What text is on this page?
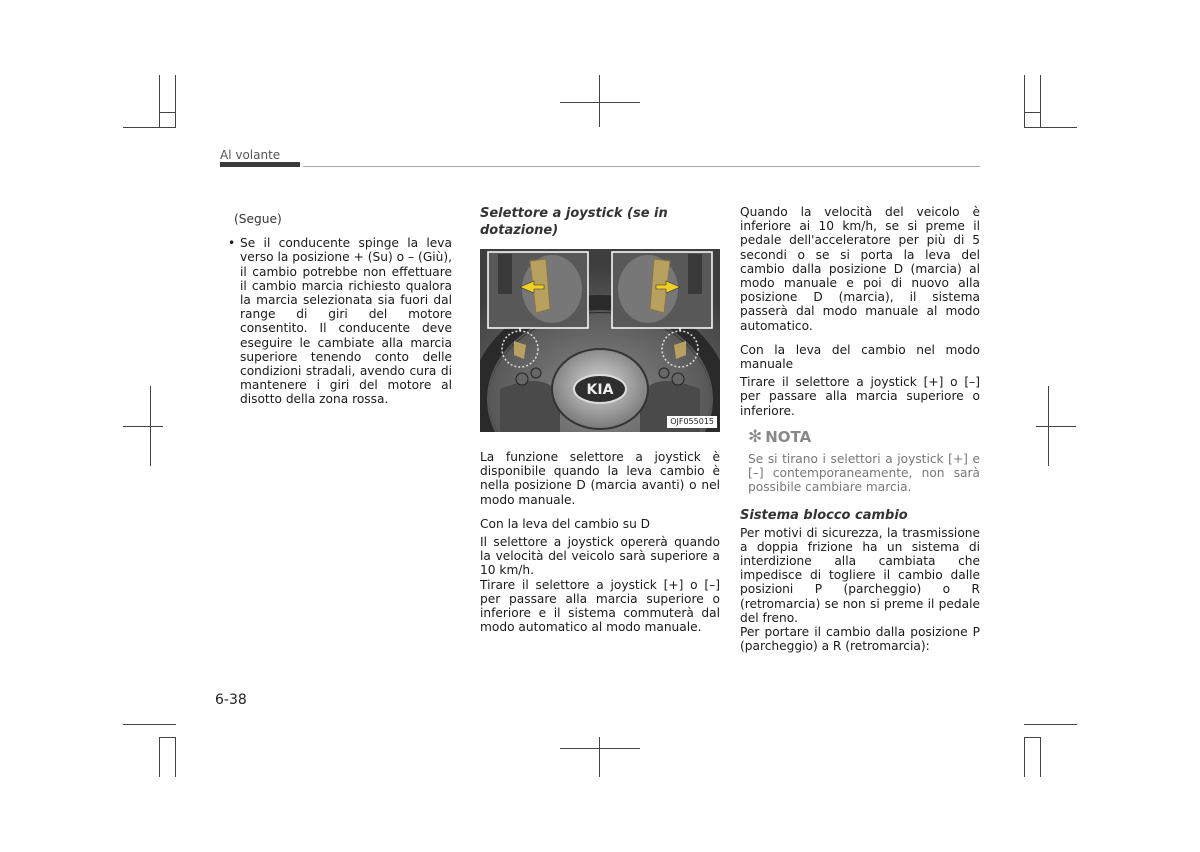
Al volante

(Segue)

• Se il conducente spinge la leva verso la posizione + (Su) o – (Giù), il cambio potrebbe non effettuare il cambio marcia richiesto qualora la marcia selezionata sia fuori dal range di giri del motore consentito. Il conducente deve eseguire le cambiate alla marcia superiore tenendo conto delle condizioni stradali, avendo cura di mantenere i giri del motore al disotto della zona rossa.

Selettore a joystick (se in dotazione)

KIA
OJF055015

La funzione selettore a joystick è disponibile quando la leva cambio è nella posizione D (marcia avanti) o nel modo manuale.

Con la leva del cambio su D

Il selettore a joystick opererà quando la velocità del veicolo sarà superiore a 10 km/h.

Tirare il selettore a joystick [+] o [–] per passare alla marcia superiore o inferiore e il sistema commuterà dal modo automatico al modo manuale.

Quando la velocità del veicolo è inferiore ai 10 km/h, se si preme il pedale dell'acceleratore per più di 5 secondi o se si porta la leva del cambio dalla posizione D (marcia) al modo manuale e poi di nuovo alla posizione D (marcia), il sistema passerà dal modo manuale al modo automatico.

Con la leva del cambio nel modo manuale

Tirare il selettore a joystick [+] o [–] per passare alla marcia superiore o inferiore.

✻ NOTA

Se si tirano i selettori a joystick [+] e [–] contemporaneamente, non sarà possibile cambiare marcia.

Sistema blocco cambio

Per motivi di sicurezza, la trasmissione a doppia frizione ha un sistema di interdizione alla cambiata che impedisce di togliere il cambio dalle posizioni P (parcheggio) o R (retromarcia) se non si preme il pedale del freno.

Per portare il cambio dalla posizione P (parcheggio) a R (retromarcia):

6-38
